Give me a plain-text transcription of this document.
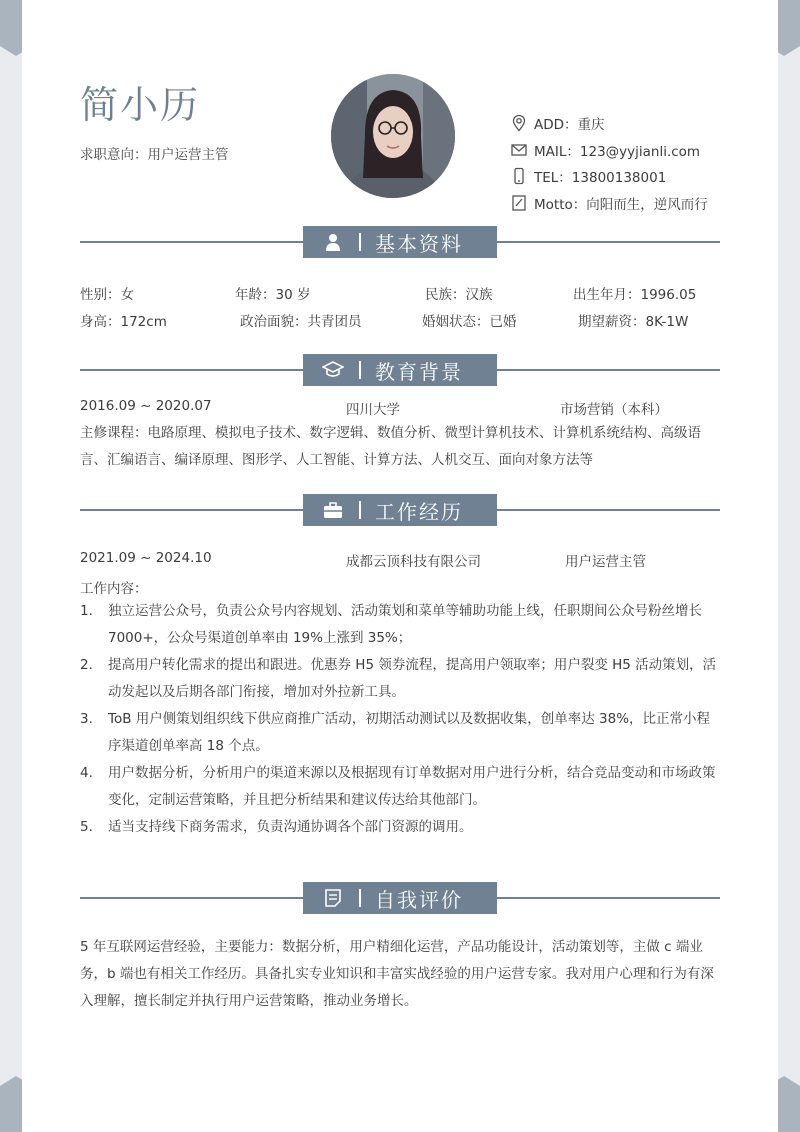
简小历
求职意向：用户运营主管
ADD：重庆
MAIL：123@yyjianli.com
TEL：13800138001
Motto：向阳而生，逆风而行
基本资料
性别：女	年龄：30 岁	民族：汉族	出生年月：1996.05
身高：172cm	政治面貌：共青团员	婚姻状态：已婚	期望薪资：8K-1W
教育背景
2016.09 ~ 2020.07	四川大学	市场营销（本科）
主修课程：电路原理、模拟电子技术、数字逻辑、数值分析、微型计算机技术、计算机系统结构、高级语言、汇编语言、编译原理、图形学、人工智能、计算方法、人机交互、面向对象方法等
工作经历
2021.09 ~ 2024.10	成都云顶科技有限公司	用户运营主管
工作内容：
1. 独立运营公众号，负责公众号内容规划、活动策划和菜单等辅助功能上线，任职期间公众号粉丝增长 7000+，公众号渠道创单率由 19%上涨到 35%；
2. 提高用户转化需求的提出和跟进。优惠券 H5 领券流程，提高用户领取率；用户裂变 H5 活动策划，活动发起以及后期各部门衔接，增加对外拉新工具。
3. ToB 用户侧策划组织线下供应商推广活动，初期活动测试以及数据收集，创单率达 38%，比正常小程序渠道创单率高 18 个点。
4. 用户数据分析，分析用户的渠道来源以及根据现有订单数据对用户进行分析，结合竞品变动和市场政策变化，定制运营策略，并且把分析结果和建议传达给其他部门。
5. 适当支持线下商务需求，负责沟通协调各个部门资源的调用。
自我评价
5 年互联网运营经验，主要能力：数据分析，用户精细化运营，产品功能设计，活动策划等，主做 c 端业务，b 端也有相关工作经历。具备扎实专业知识和丰富实战经验的用户运营专家。我对用户心理和行为有深入理解，擅长制定并执行用户运营策略，推动业务增长。
